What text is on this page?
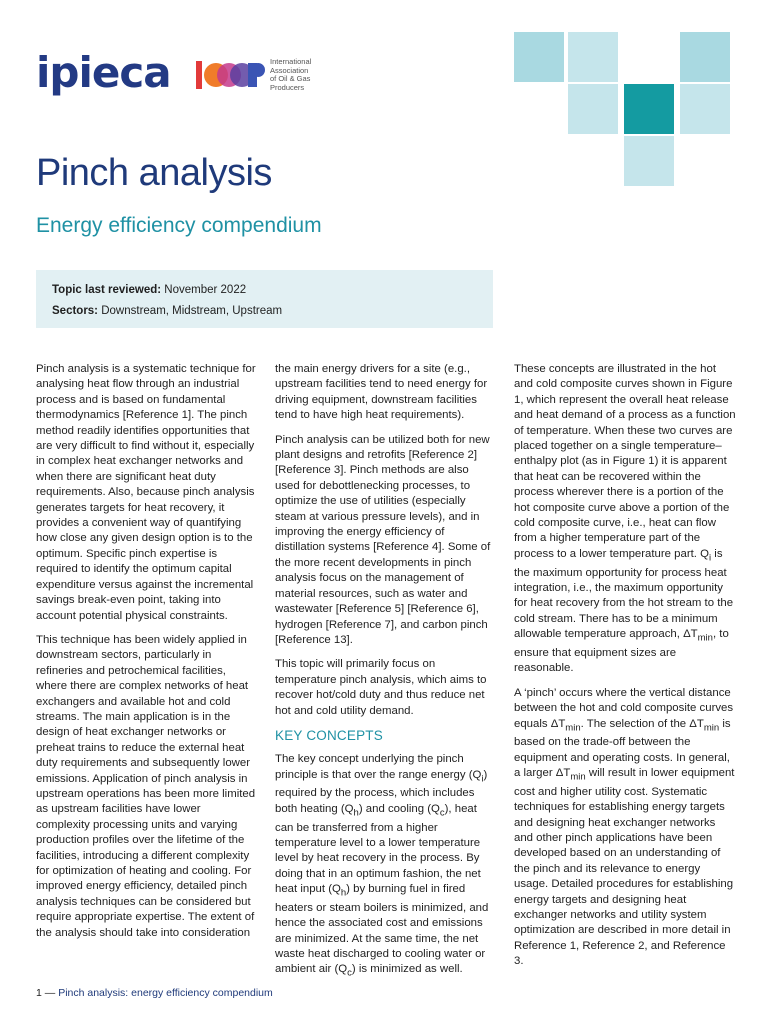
ipieca	International
Association
of Oil & Gas
Producers
Pinch analysis
Energy efficiency compendium
Topic last reviewed: November 2022
Sectors: Downstream, Midstream, Upstream

Pinch analysis is a systematic technique for analysing heat flow through an industrial process and is based on fundamental thermodynamics [Reference 1]. The pinch method readily identifies opportunities that are very difficult to find without it, especially in complex heat exchanger networks and when there are significant heat duty requirements. Also, because pinch analysis generates targets for heat recovery, it provides a convenient way of quantifying how close any given design option is to the optimum. Specific pinch expertise is required to identify the optimum capital expenditure versus against the incremental savings break-even point, taking into account potential physical constraints.

This technique has been widely applied in downstream sectors, particularly in refineries and petrochemical facilities, where there are complex networks of heat exchangers and available hot and cold streams. The main application is in the design of heat exchanger networks or preheat trains to reduce the external heat duty requirements and subsequently lower emissions. Application of pinch analysis in upstream operations has been more limited as upstream facilities have lower complexity processing units and varying production profiles over the lifetime of the facilities, introducing a different complexity for optimization of heating and cooling. For improved energy efficiency, detailed pinch analysis techniques can be considered but require appropriate expertise. The extent of the analysis should take into consideration

the main energy drivers for a site (e.g., upstream facilities tend to need energy for driving equipment, downstream facilities tend to have high heat requirements).

Pinch analysis can be utilized both for new plant designs and retrofits [Reference 2] [Reference 3]. Pinch methods are also used for debottlenecking processes, to optimize the use of utilities (especially steam at various pressure levels), and in improving the energy efficiency of distillation systems [Reference 4]. Some of the more recent developments in pinch analysis focus on the management of material resources, such as water and wastewater [Reference 5] [Reference 6], hydrogen [Reference 7], and carbon pinch [Reference 13].

This topic will primarily focus on temperature pinch analysis, which aims to recover hot/cold duty and thus reduce net hot and cold utility demand.

KEY CONCEPTS

The key concept underlying the pinch principle is that over the range energy $(Q_i)$ required by the process, which includes both heating $(Q_h)$ and cooling $(Q_c)$, heat can be transferred from a higher temperature level to a lower temperature level by heat recovery in the process. By doing that in an optimum fashion, the net heat input $(Q_h)$ by burning fuel in fired heaters or steam boilers is minimized, and hence the associated cost and emissions are minimized. At the same time, the net waste heat discharged to cooling water or ambient air $(Q_c)$ is minimized as well.

These concepts are illustrated in the hot and cold composite curves shown in Figure 1, which represent the overall heat release and heat demand of a process as a function of temperature. When these two curves are placed together on a single temperature–enthalpy plot (as in Figure 1) it is apparent that heat can be recovered within the process wherever there is a portion of the hot composite curve above a portion of the cold composite curve, i.e., heat can flow from a higher temperature part of the process to a lower temperature part. $Q_i$ is the maximum opportunity for process heat integration, i.e., the maximum opportunity for heat recovery from the hot stream to the cold stream. There has to be a minimum allowable temperature approach, $\Delta T_{min}$, to ensure that equipment sizes are reasonable.

A ‘pinch’ occurs where the vertical distance between the hot and cold composite curves equals $\Delta T_{min}$. The selection of the $\Delta T_{min}$ is based on the trade-off between the equipment and operating costs. In general, a larger $\Delta T_{min}$ will result in lower equipment cost and higher utility cost. Systematic techniques for establishing energy targets and designing heat exchanger networks and other pinch applications have been developed based on an understanding of the pinch and its relevance to energy usage. Detailed procedures for establishing energy targets and designing heat exchanger networks and utility system optimization are described in more detail in Reference 1, Reference 2, and Reference 3.

1 — Pinch analysis: energy efficiency compendium
